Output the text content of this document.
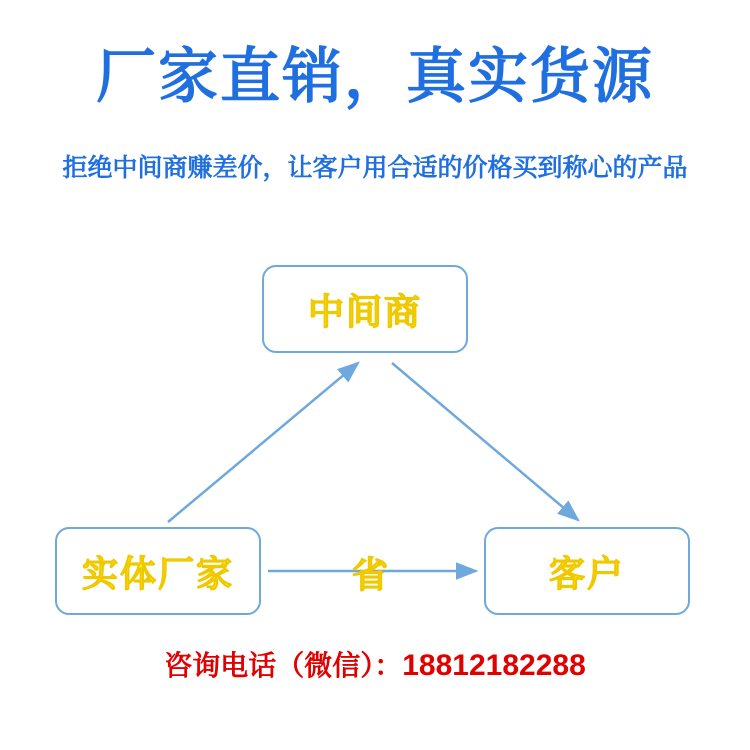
厂家直销，真实货源
拒绝中间商赚差价，让客户用合适的价格买到称心的产品
中间商
实体厂家	客户
省
咨询电话（微信）：18812182288
